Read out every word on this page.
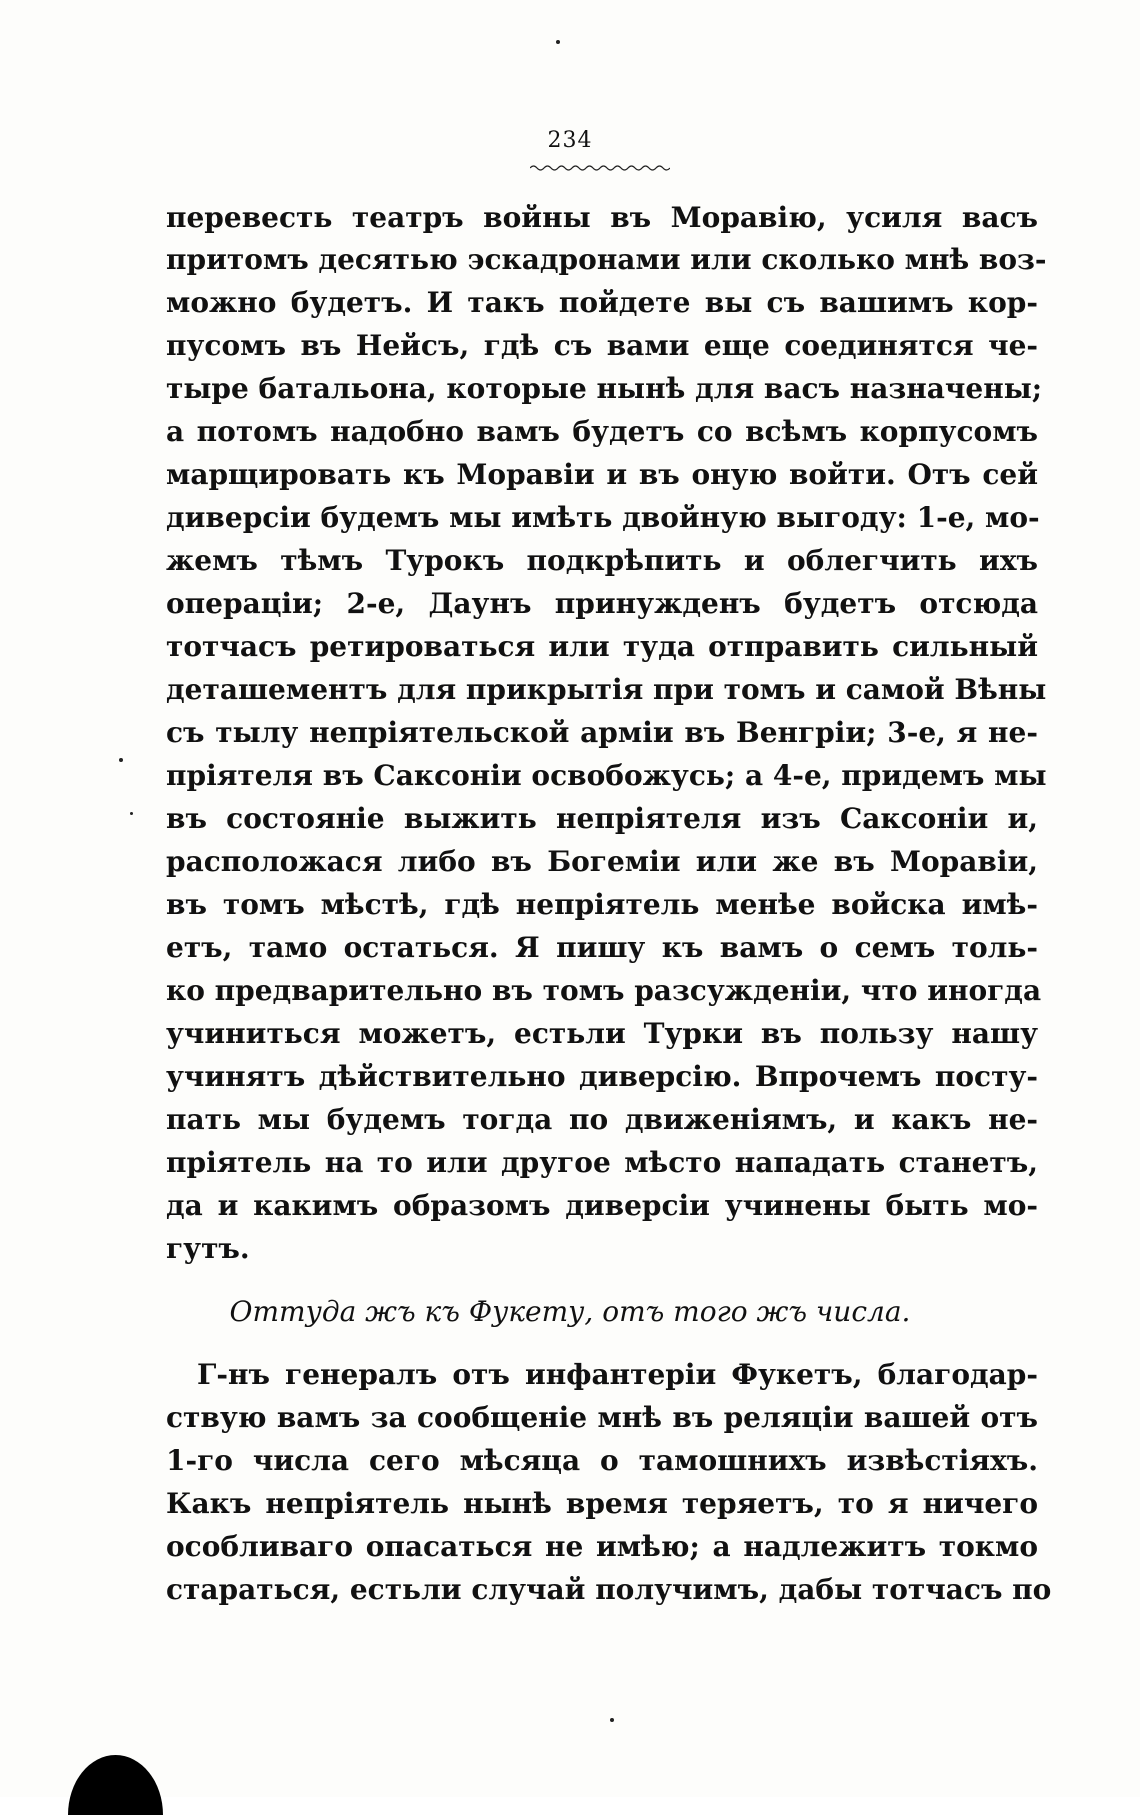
234
перевесть театръ войны въ Моравію, усиля васъ
притомъ десятью эскадронами или сколько мнѣ воз-
можно будетъ. И такъ пойдете вы съ вашимъ кор-
пусомъ въ Нейсъ, гдѣ съ вами еще соединятся че-
тыре батальона, которые нынѣ для васъ назначены;
а потомъ надобно вамъ будетъ со всѣмъ корпусомъ
марщировать къ Моравіи и въ оную войти. Отъ сей
диверсіи будемъ мы имѣть двойную выгоду: 1-е, мо-
жемъ тѣмъ Турокъ подкрѣпить и облегчить ихъ
операціи; 2-е, Даунъ принужденъ будетъ отсюда
тотчасъ ретироваться или туда отправить сильный
деташементъ для прикрытія при томъ и самой Вѣны
съ тылу непріятельской арміи въ Венгріи; 3-е, я не-
пріятеля въ Саксоніи освобожусь; а 4-е, придемъ мы
въ состояніе выжить непріятеля изъ Саксоніи и,
расположася либо въ Богеміи или же въ Моравіи,
въ томъ мѣстѣ, гдѣ непріятель менѣе войска имѣ-
етъ, тамо остаться. Я пишу къ вамъ о семъ толь-
ко предварительно въ томъ разсужденіи, что иногда
учиниться можетъ, естьли Турки въ пользу нашу
учинятъ дѣйствительно диверсію. Впрочемъ посту-
пать мы будемъ тогда по движеніямъ, и какъ не-
пріятель на то или другое мѣсто нападать станетъ,
да и какимъ образомъ диверсіи учинены быть мо-
гутъ.
Оттуда жъ къ Фукету, отъ того жъ числа.
Г-нъ генералъ отъ инфантеріи Фукетъ, благодар-
ствую вамъ за сообщеніе мнѣ въ реляціи вашей отъ
1-го числа сего мѣсяца о тамошнихъ извѣстіяхъ.
Какъ непріятель нынѣ время теряетъ, то я ничего
особливаго опасаться не имѣю; а надлежитъ токмо
стараться, естьли случай получимъ, дабы тотчасъ по
